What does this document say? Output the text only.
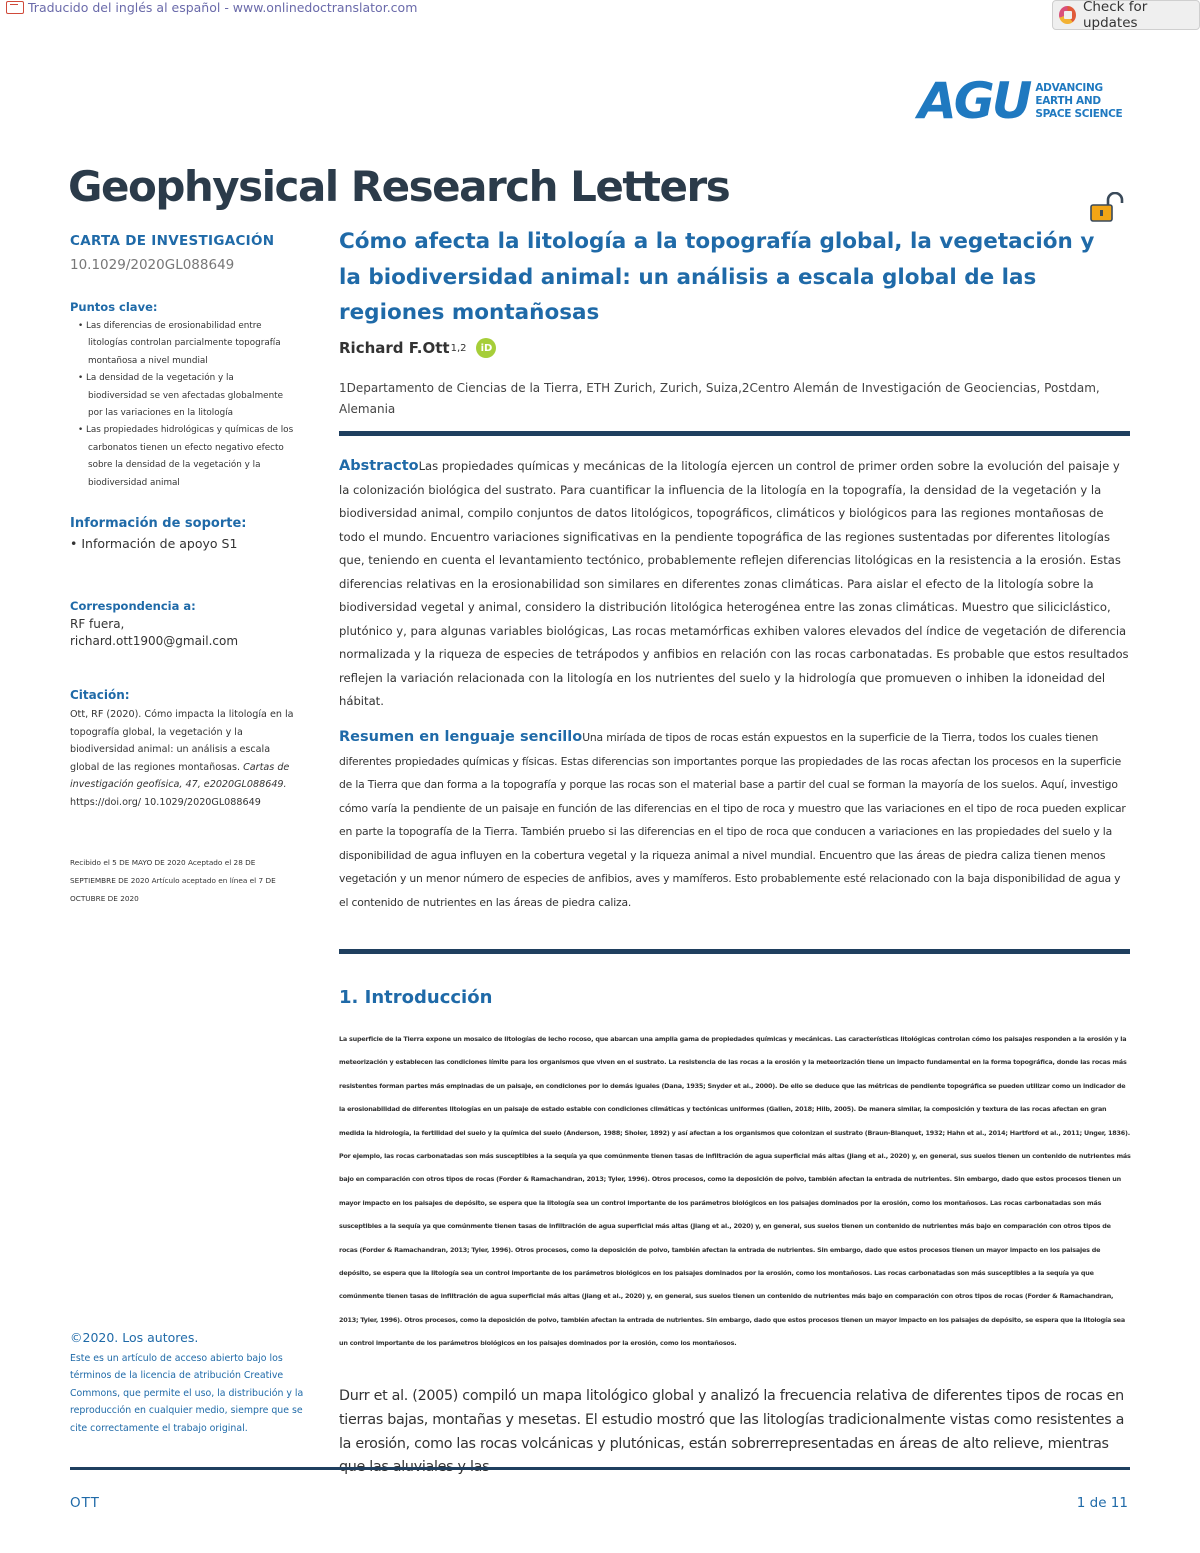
Traducido del inglés al español - www.onlinedoctranslator.com	Check for updates
AGU ADVANCING
EARTH AND
SPACE SCIENCE
Geophysical Research Letters
CARTA DE INVESTIGACIÓN
10.1029/2020GL088649
Puntos clave:
• Las diferencias de erosionabilidad entre litologías controlan parcialmente topografía montañosa a nivel mundial
• La densidad de la vegetación y la biodiversidad se ven afectadas globalmente por las variaciones en la litología
• Las propiedades hidrológicas y químicas de los carbonatos tienen un efecto negativo efecto sobre la densidad de la vegetación y la biodiversidad animal
Información de soporte:
• Información de apoyo S1
Correspondencia a:
RF fuera,
richard.ott1900@gmail.com
Citación:
Ott, RF (2020). Cómo impacta la litología en la topografía global, la vegetación y la biodiversidad animal: un análisis a escala global de las regiones montañosas. Cartas de investigación geofísica, 47, e2020GL088649. https://doi.org/ 10.1029/2020GL088649
Recibido el 5 DE MAYO DE 2020 Aceptado el 28 DE SEPTIEMBRE DE 2020 Artículo aceptado en línea el 7 DE OCTUBRE DE 2020
©2020. Los autores.
Este es un artículo de acceso abierto bajo los términos de la licencia de atribución Creative Commons, que permite el uso, la distribución y la reproducción en cualquier medio, siempre que se cite correctamente el trabajo original.
Cómo afecta la litología a la topografía global, la vegetación y la biodiversidad animal: un análisis a escala global de las regiones montañosas
Richard F.Ott 1,2	iD
1Departamento de Ciencias de la Tierra, ETH Zurich, Zurich, Suiza,2Centro Alemán de Investigación de Geociencias, Postdam, Alemania
AbstractoLas propiedades químicas y mecánicas de la litología ejercen un control de primer orden sobre la evolución del paisaje y la colonización biológica del sustrato. Para cuantificar la influencia de la litología en la topografía, la densidad de la vegetación y la biodiversidad animal, compilo conjuntos de datos litológicos, topográficos, climáticos y biológicos para las regiones montañosas de todo el mundo. Encuentro variaciones significativas en la pendiente topográfica de las regiones sustentadas por diferentes litologías que, teniendo en cuenta el levantamiento tectónico, probablemente reflejen diferencias litológicas en la resistencia a la erosión. Estas diferencias relativas en la erosionabilidad son similares en diferentes zonas climáticas. Para aislar el efecto de la litología sobre la biodiversidad vegetal y animal, considero la distribución litológica heterogénea entre las zonas climáticas. Muestro que siliciclástico, plutónico y, para algunas variables biológicas, Las rocas metamórficas exhiben valores elevados del índice de vegetación de diferencia normalizada y la riqueza de especies de tetrápodos y anfibios en relación con las rocas carbonatadas. Es probable que estos resultados reflejen la variación relacionada con la litología en los nutrientes del suelo y la hidrología que promueven o inhiben la idoneidad del hábitat.
Resumen en lenguaje sencilloUna miríada de tipos de rocas están expuestos en la superficie de la Tierra, todos los cuales tienen diferentes propiedades químicas y físicas. Estas diferencias son importantes porque las propiedades de las rocas afectan los procesos en la superficie de la Tierra que dan forma a la topografía y porque las rocas son el material base a partir del cual se forman la mayoría de los suelos. Aquí, investigo cómo varía la pendiente de un paisaje en función de las diferencias en el tipo de roca y muestro que las variaciones en el tipo de roca pueden explicar en parte la topografía de la Tierra. También pruebo si las diferencias en el tipo de roca que conducen a variaciones en las propiedades del suelo y la disponibilidad de agua influyen en la cobertura vegetal y la riqueza animal a nivel mundial. Encuentro que las áreas de piedra caliza tienen menos vegetación y un menor número de especies de anfibios, aves y mamíferos. Esto probablemente esté relacionado con la baja disponibilidad de agua y el contenido de nutrientes en las áreas de piedra caliza.
1. Introducción
La superficie de la Tierra expone un mosaico de litologías de lecho rocoso, que abarcan una amplia gama de propiedades químicas y mecánicas. Las características litológicas controlan cómo los paisajes responden a la erosión y la meteorización y establecen las condiciones límite para los organismos que viven en el sustrato. La resistencia de las rocas a la erosión y la meteorización tiene un impacto fundamental en la forma topográfica, donde las rocas más resistentes forman partes más empinadas de un paisaje, en condiciones por lo demás iguales (Dana, 1935; Snyder et al., 2000). De ello se deduce que las métricas de pendiente topográfica se pueden utilizar como un indicador de la erosionabilidad de diferentes litologías en un paisaje de estado estable con condiciones climáticas y tectónicas uniformes (Gallen, 2018; Hilb, 2005). De manera similar, la composición y textura de las rocas afectan en gran medida la hidrología, la fertilidad del suelo y la química del suelo (Anderson, 1988; Sholer, 1892) y así afectan a los organismos que colonizan el sustrato (Braun-Blanquet, 1932; Hahn et al., 2014; Hartford et al., 2011; Unger, 1836). Por ejemplo, las rocas carbonatadas son más susceptibles a la sequía ya que comúnmente tienen tasas de infiltración de agua superficial más altas (Jiang et al., 2020) y, en general, sus suelos tienen un contenido de nutrientes más bajo en comparación con otros tipos de rocas (Forder & Ramachandran, 2013; Tyler, 1996). Otros procesos, como la deposición de polvo, también afectan la entrada de nutrientes. Sin embargo, dado que estos procesos tienen un mayor impacto en los paisajes de depósito, se espera que la litología sea un control importante de los parámetros biológicos en los paisajes dominados por la erosión, como los montañosos. Las rocas carbonatadas son más susceptibles a la sequía ya que comúnmente tienen tasas de infiltración de agua superficial más altas (Jiang et al., 2020) y, en general, sus suelos tienen un contenido de nutrientes más bajo en comparación con otros tipos de rocas (Forder & Ramachandran, 2013; Tyler, 1996). Otros procesos, como la deposición de polvo, también afectan la entrada de nutrientes. Sin embargo, dado que estos procesos tienen un mayor impacto en los paisajes de depósito, se espera que la litología sea un control importante de los parámetros biológicos en los paisajes dominados por la erosión, como los montañosos. Las rocas carbonatadas son más susceptibles a la sequía ya que comúnmente tienen tasas de infiltración de agua superficial más altas (Jiang et al., 2020) y, en general, sus suelos tienen un contenido de nutrientes más bajo en comparación con otros tipos de rocas (Forder & Ramachandran, 2013; Tyler, 1996). Otros procesos, como la deposición de polvo, también afectan la entrada de nutrientes. Sin embargo, dado que estos procesos tienen un mayor impacto en los paisajes de depósito, se espera que la litología sea un control importante de los parámetros biológicos en los paisajes dominados por la erosión, como los montañosos.
Durr et al. (2005) compiló un mapa litológico global y analizó la frecuencia relativa de diferentes tipos de rocas en tierras bajas, montañas y mesetas. El estudio mostró que las litologías tradicionalmente vistas como resistentes a la erosión, como las rocas volcánicas y plutónicas, están sobrerrepresentadas en áreas de alto relieve, mientras
OTT	1 de 11
